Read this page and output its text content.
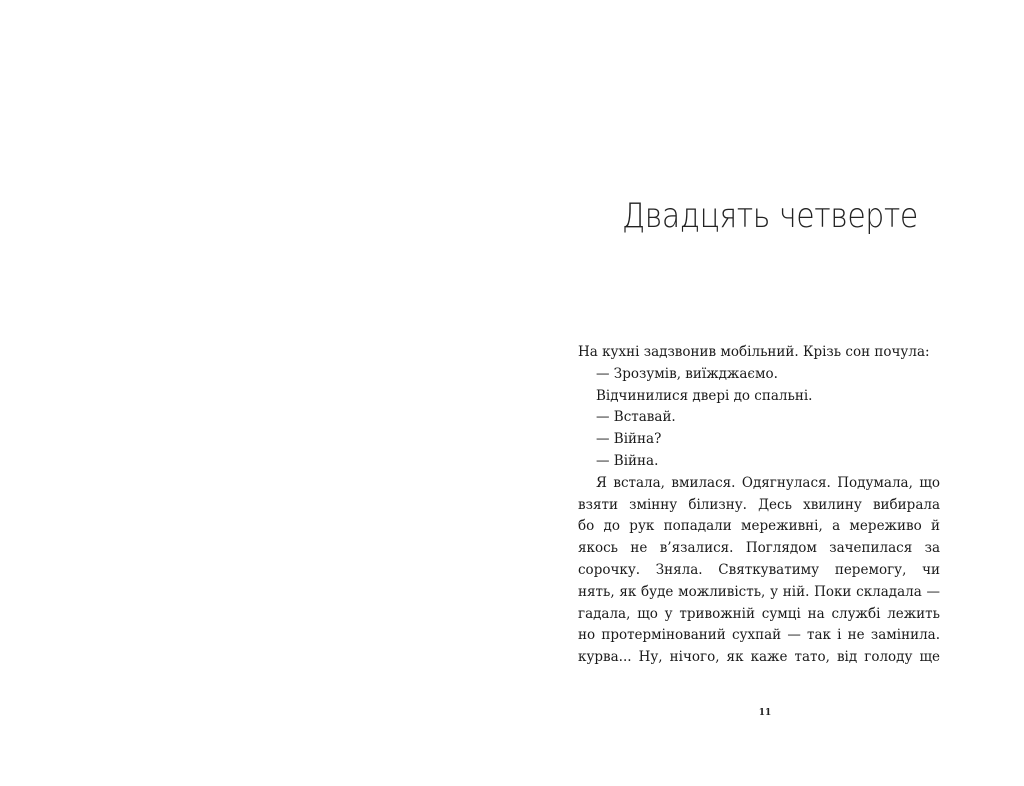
Двадцять четверте
На кухні задзвонив мобільний. Крізь сон почула:
— Зрозумів, виїжджаємо.
Відчинилися двері до спальні.
— Вставай.
— Війна?
— Війна.
Я встала, вмилася. Одягнулася. Подумала, що
взяти змінну білизну. Десь хвилину вибирала
бо до рук попадали мереживні, а мереживо й
якось не в’язалися. Поглядом зачепилася за
сорочку. Зняла. Святкуватиму перемогу, чи
нять, як буде можливість, у ній. Поки складала —
гадала, що у тривожній сумці на службі лежить
но протермінований сухпай — так і не замінила.
курва... Ну, нічого, як каже тато, від голоду ще
11
